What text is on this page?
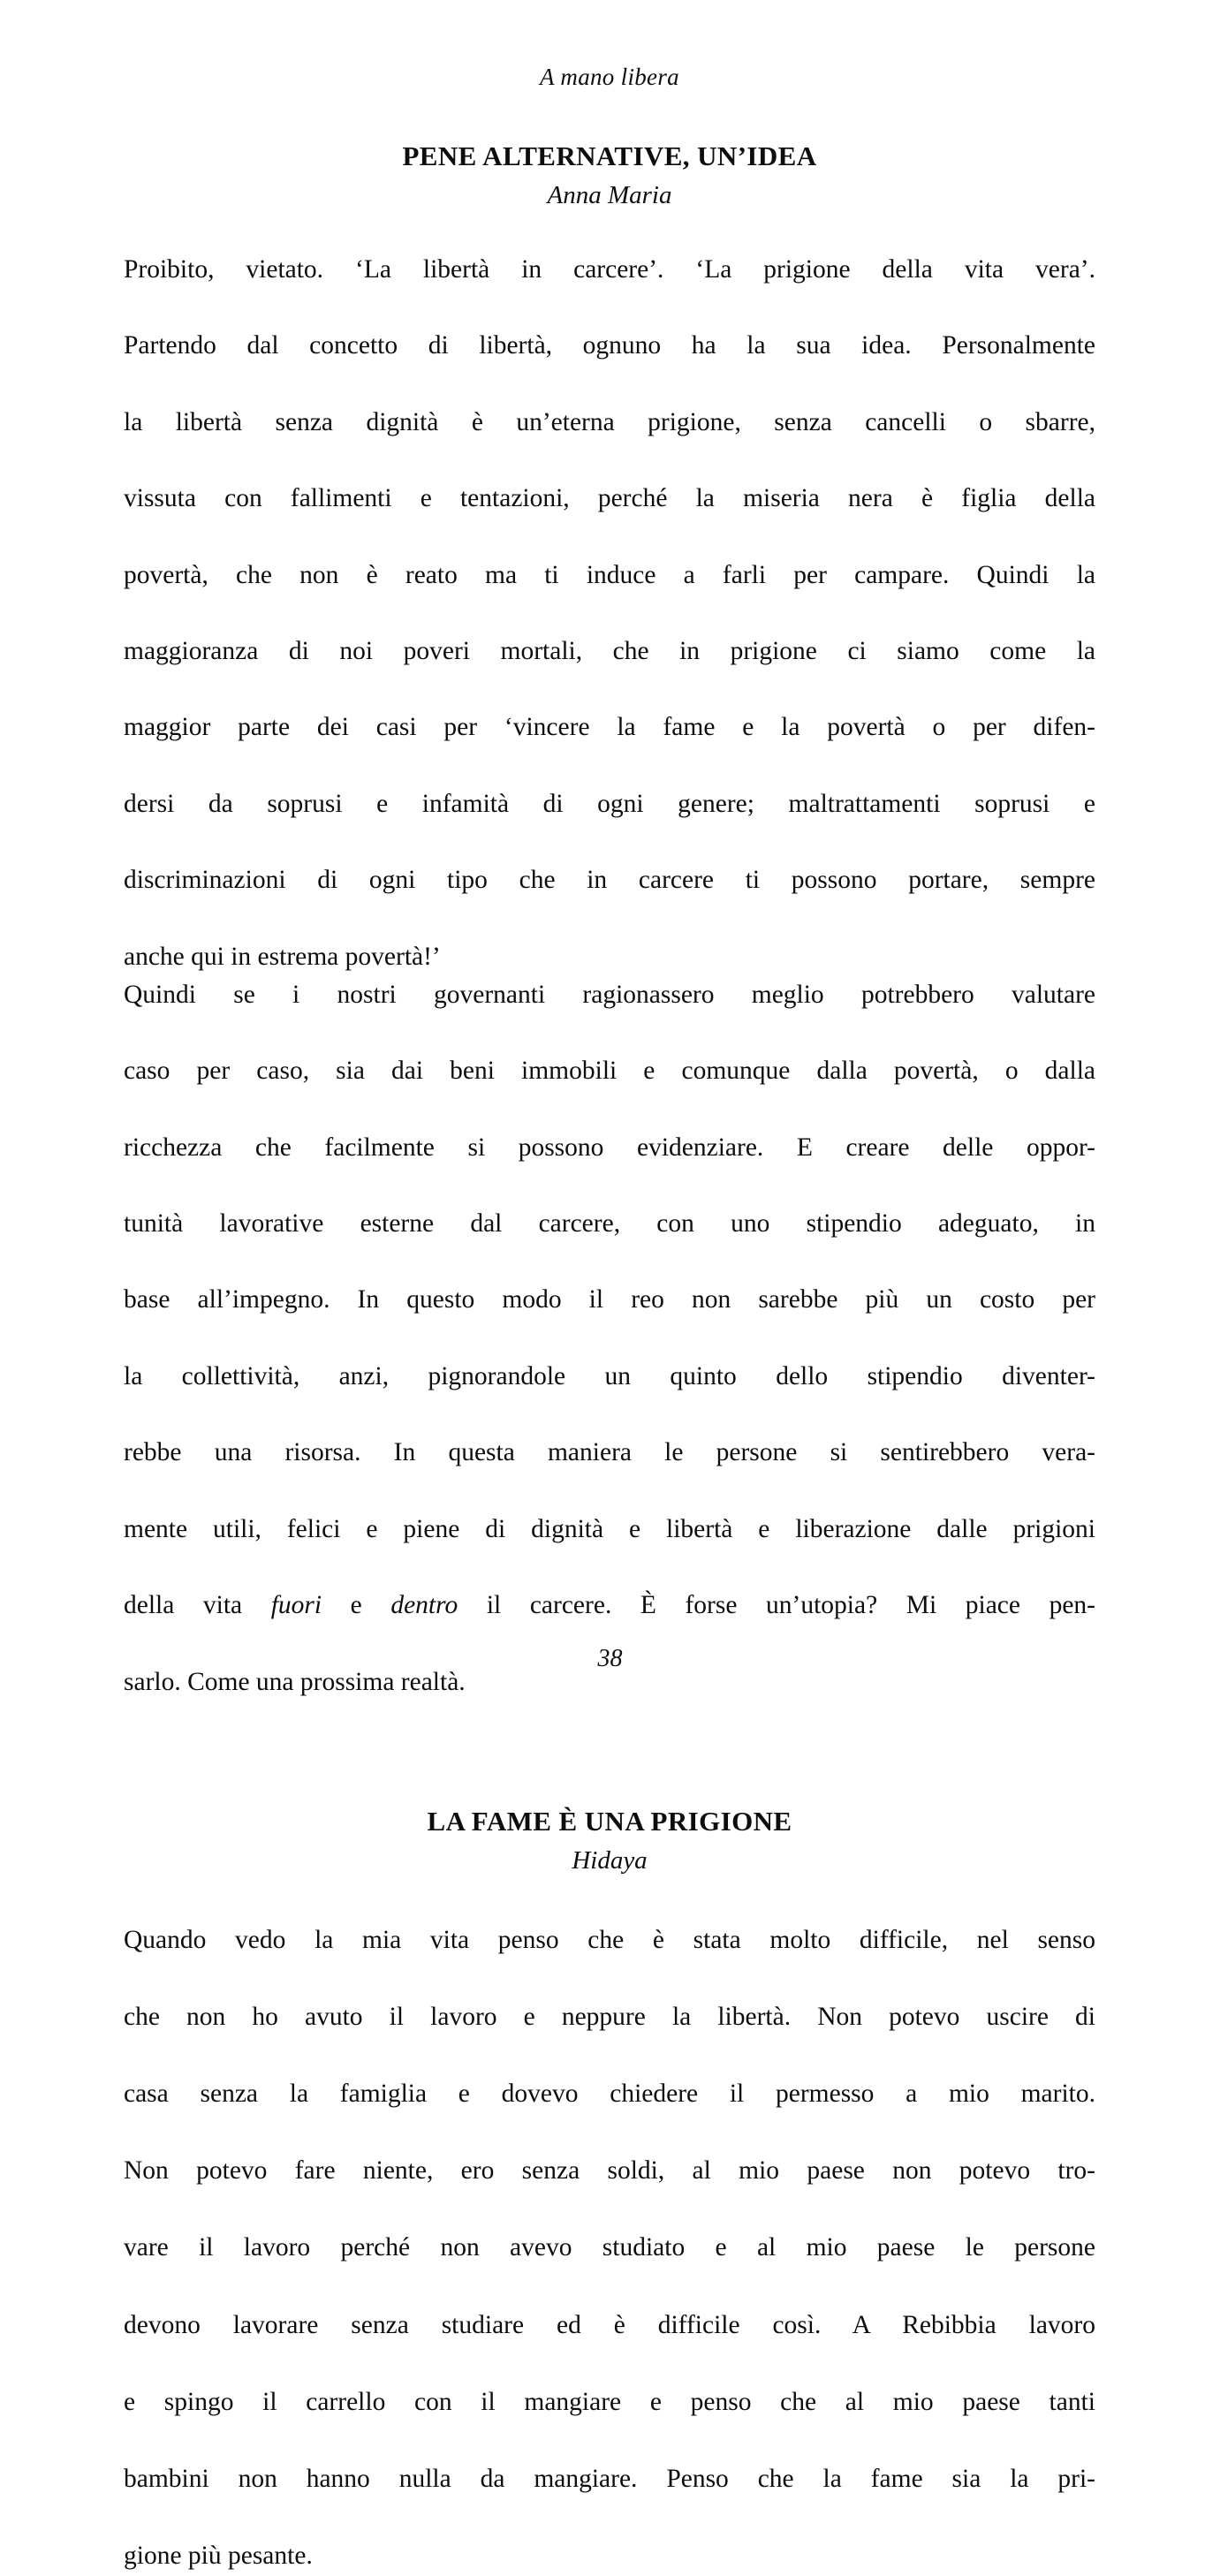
A mano libera
PENE ALTERNATIVE, UN’IDEA
Anna Maria

Proibito, vietato. ‘La libertà in carcere’. ‘La prigione della vita vera’.
Partendo dal concetto di libertà, ognuno ha la sua idea. Personalmente
la libertà senza dignità è un’eterna prigione, senza cancelli o sbarre,
vissuta con fallimenti e tentazioni, perché la miseria nera è figlia della
povertà, che non è reato ma ti induce a farli per campare. Quindi la
maggioranza di noi poveri mortali, che in prigione ci siamo come la
maggior parte dei casi per ‘vincere la fame e la povertà o per difen-
dersi da soprusi e infamità di ogni genere; maltrattamenti soprusi e
discriminazioni di ogni tipo che in carcere ti possono portare, sempre
anche qui in estrema povertà!’

Quindi se i nostri governanti ragionassero meglio potrebbero valutare
caso per caso, sia dai beni immobili e comunque dalla povertà, o dalla
ricchezza che facilmente si possono evidenziare. E creare delle oppor-
tunità lavorative esterne dal carcere, con uno stipendio adeguato, in
base all’impegno. In questo modo il reo non sarebbe più un costo per
la collettività, anzi, pignorandole un quinto dello stipendio diventer-
rebbe una risorsa. In questa maniera le persone si sentirebbero vera-
mente utili, felici e piene di dignità e libertà e liberazione dalle prigioni
della vita fuori e dentro il carcere. È forse un’utopia? Mi piace pen-
sarlo. Come una prossima realtà.

LA FAME È UNA PRIGIONE
Hidaya

Quando vedo la mia vita penso che è stata molto difficile, nel senso
che non ho avuto il lavoro e neppure la libertà. Non potevo uscire di
casa senza la famiglia e dovevo chiedere il permesso a mio marito.
Non potevo fare niente, ero senza soldi, al mio paese non potevo tro-
vare il lavoro perché non avevo studiato e al mio paese le persone
devono lavorare senza studiare ed è difficile così. A Rebibbia lavoro
e spingo il carrello con il mangiare e penso che al mio paese tanti
bambini non hanno nulla da mangiare. Penso che la fame sia la pri-
gione più pesante.

38
